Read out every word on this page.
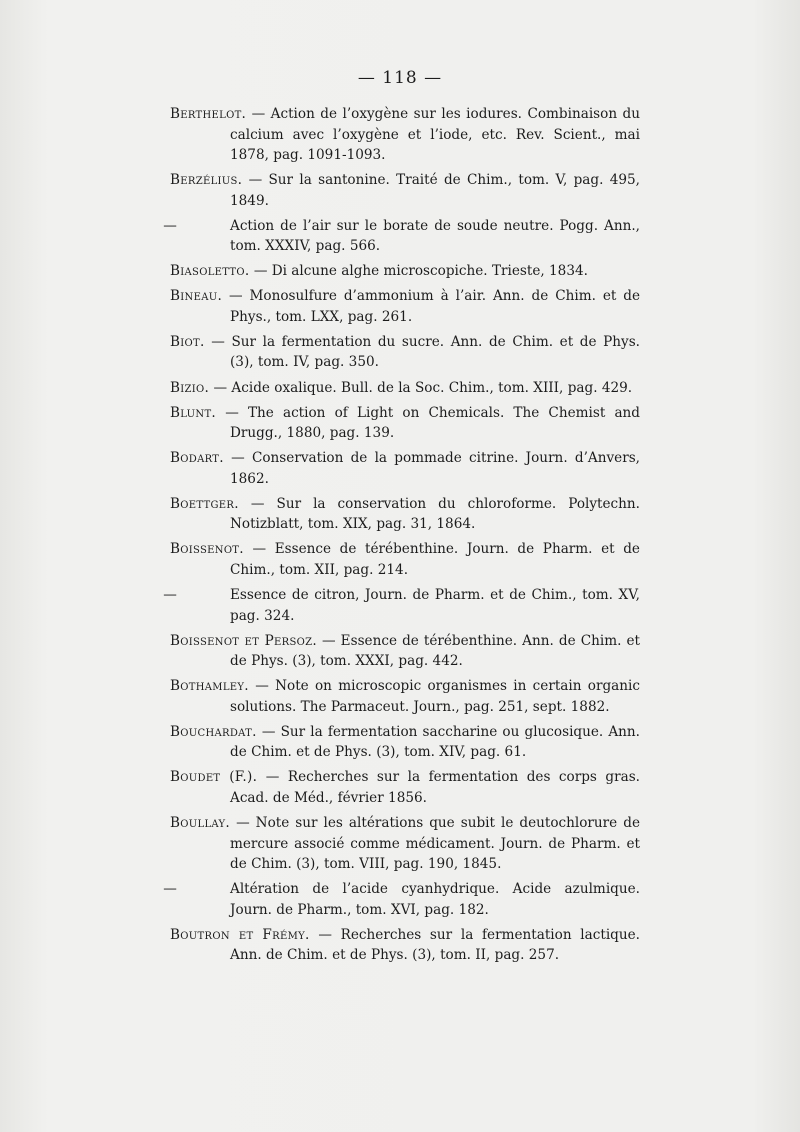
— 118 —
Berthelot. — Action de l’oxygène sur les iodures. Combinaison du calcium avec l’oxygène et l’iode, etc. Rev. Scient., mai 1878, pag. 1091-1093.
Berzélius. — Sur la santonine. Traité de Chim., tom. V, pag. 495, 1849.
—	Action de l’air sur le borate de soude neutre. Pogg. Ann., tom. XXXIV, pag. 566.
Biasoletto. — Di alcune alghe microscopiche. Trieste, 1834.
Bineau. — Monosulfure d’ammonium à l’air. Ann. de Chim. et de Phys., tom. LXX, pag. 261.
Biot. — Sur la fermentation du sucre. Ann. de Chim. et de Phys. (3), tom. IV, pag. 350.
Bizio. — Acide oxalique. Bull. de la Soc. Chim., tom. XIII, pag. 429.
Blunt. — The action of Light on Chemicals. The Chemist and Drugg., 1880, pag. 139.
Bodart. — Conservation de la pommade citrine. Journ. d’Anvers, 1862.
Boettger. — Sur la conservation du chloroforme. Polytechn. Notizblatt, tom. XIX, pag. 31, 1864.
Boissenot. — Essence de térébenthine. Journ. de Pharm. et de Chim., tom. XII, pag. 214.
—	Essence de citron, Journ. de Pharm. et de Chim., tom. XV, pag. 324.
Boissenot et Persoz. — Essence de térébenthine. Ann. de Chim. et de Phys. (3), tom. XXXI, pag. 442.
Bothamley. — Note on microscopic organismes in certain organic solutions. The Parmaceut. Journ., pag. 251, sept. 1882.
Bouchardat. — Sur la fermentation saccharine ou glucosique. Ann. de Chim. et de Phys. (3), tom. XIV, pag. 61.
Boudet (F.). — Recherches sur la fermentation des corps gras. Acad. de Méd., février 1856.
Boullay. — Note sur les altérations que subit le deutochlorure de mercure associé comme médicament. Journ. de Pharm. et de Chim. (3), tom. VIII, pag. 190, 1845.
—	Altération de l’acide cyanhydrique. Acide azulmique. Journ. de Pharm., tom. XVI, pag. 182.
Boutron et Frémy. — Recherches sur la fermentation lactique. Ann. de Chim. et de Phys. (3), tom. II, pag. 257.
